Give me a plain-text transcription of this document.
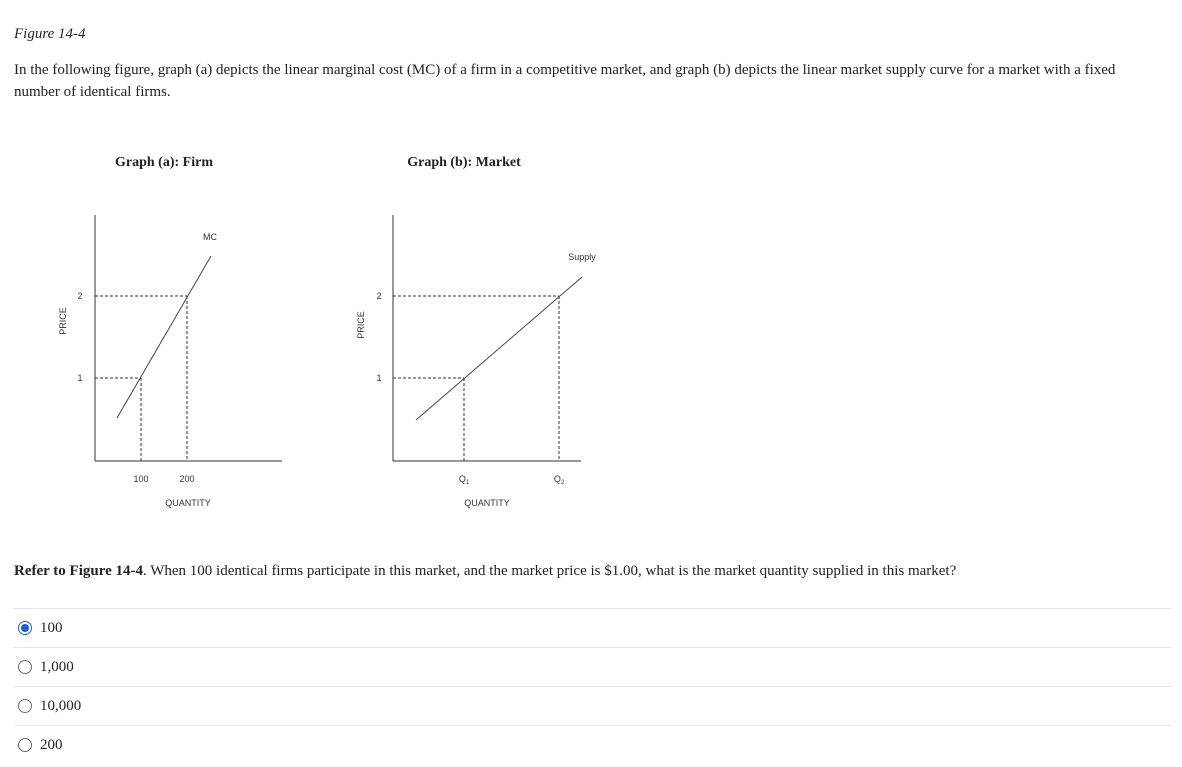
Figure 14-4
In the following figure, graph (a) depicts the linear marginal cost (MC) of a firm in a competitive market, and graph (b) depicts the linear market supply curve for a market with a fixed number of identical firms.
Graph (a): Firm
MC
2
1
100	200
QUANTITY
PRICE
Graph (b): Market
Supply
2
1
$Q_1$	$Q_2$
QUANTITY
PRICE
Refer to Figure 14-4. When 100 identical firms participate in this market, and the market price is $1.00, what is the market quantity supplied in this market?
100
1,000
10,000
200
